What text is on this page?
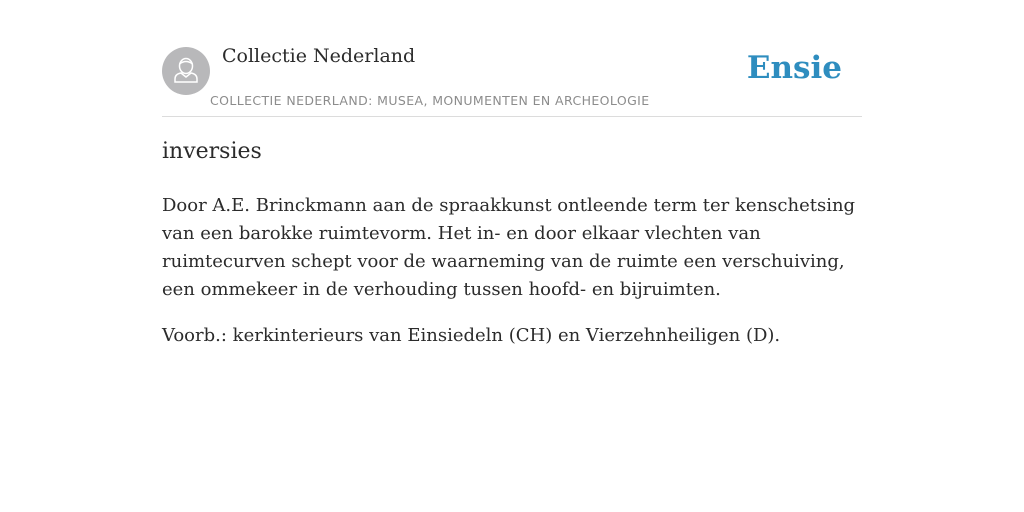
Collectie Nederland
COLLECTIE NEDERLAND: MUSEA, MONUMENTEN EN ARCHEOLOGIE
Ensie
inversies

Door A.E. Brinckmann aan de spraakkunst ontleende term ter kenschetsing van een barokke ruimtevorm. Het in- en door elkaar vlechten van ruimtecurven schept voor de waarneming van de ruimte een verschuiving, een ommekeer in de verhouding tussen hoofd- en bijruimten.

Voorb.: kerkinterieurs van Einsiedeln (CH) en Vierzehnheiligen (D).
